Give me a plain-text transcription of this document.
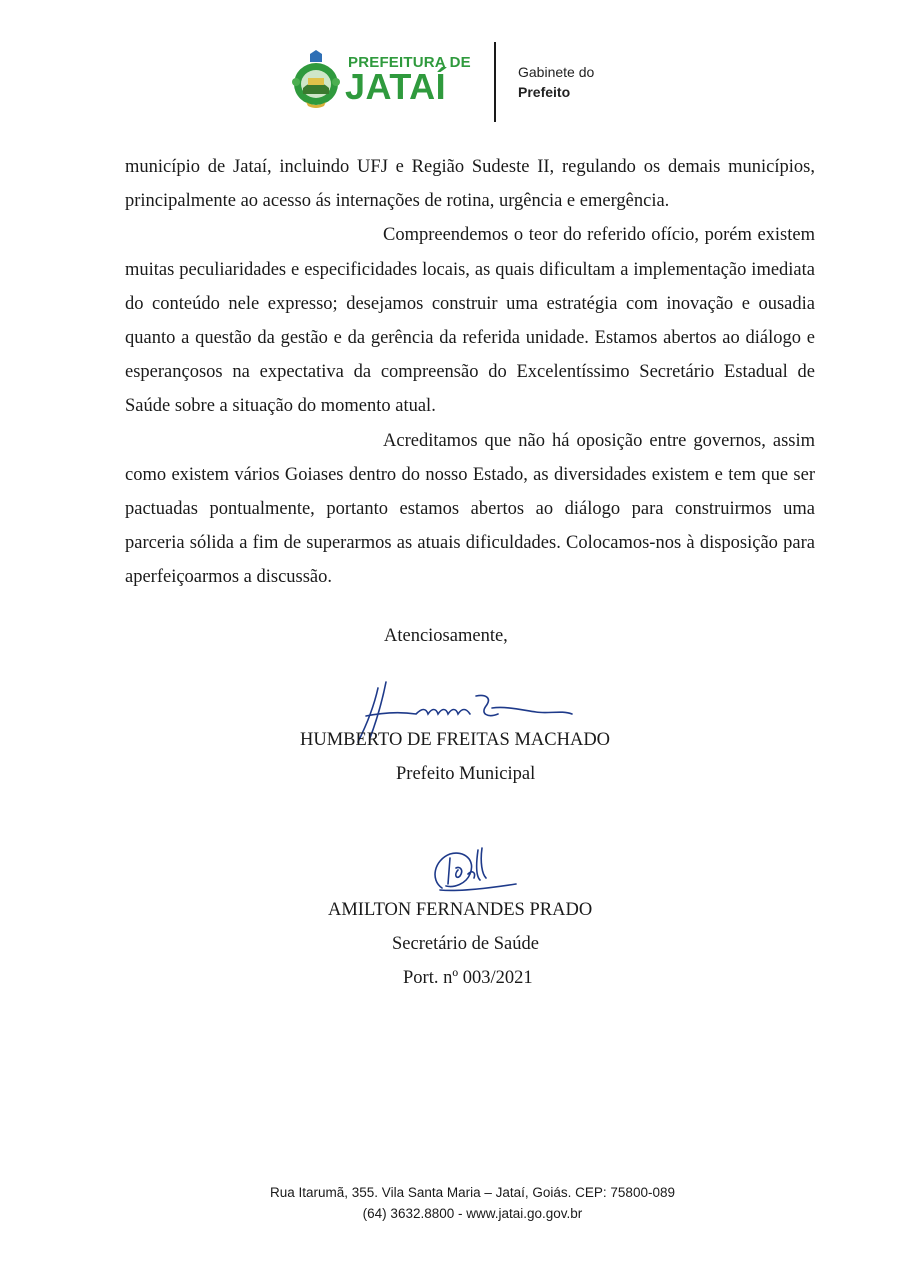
PREFEITURA DE
JATAÍ	Gabinete do
Prefeito

município de Jataí, incluindo UFJ e Região Sudeste II, regulando os demais municípios, principalmente ao acesso ás internações de rotina, urgência e emergência.

Compreendemos o teor do referido ofício, porém existem muitas peculiaridades e especificidades locais, as quais dificultam a implementação imediata do conteúdo nele expresso; desejamos construir uma estratégia com inovação e ousadia quanto a questão da gestão e da gerência da referida unidade. Estamos abertos ao diálogo e esperançosos na expectativa da compreensão do Excelentíssimo Secretário Estadual de Saúde sobre a situação do momento atual.

Acreditamos que não há oposição entre governos, assim como existem vários Goiases dentro do nosso Estado, as diversidades existem e tem que ser pactuadas pontualmente, portanto estamos abertos ao diálogo para construirmos uma parceria sólida a fim de superarmos as atuais dificuldades. Colocamos-nos à disposição para aperfeiçoarmos a discussão.

Atenciosamente,
HUMBERTO DE FREITAS MACHADO
Prefeito Municipal
AMILTON FERNANDES PRADO
Secretário de Saúde
Port. nº 003/2021
Rua Itarumã, 355. Vila Santa Maria – Jataí, Goiás. CEP: 75800-089
(64) 3632.8800 - www.jatai.go.gov.br
